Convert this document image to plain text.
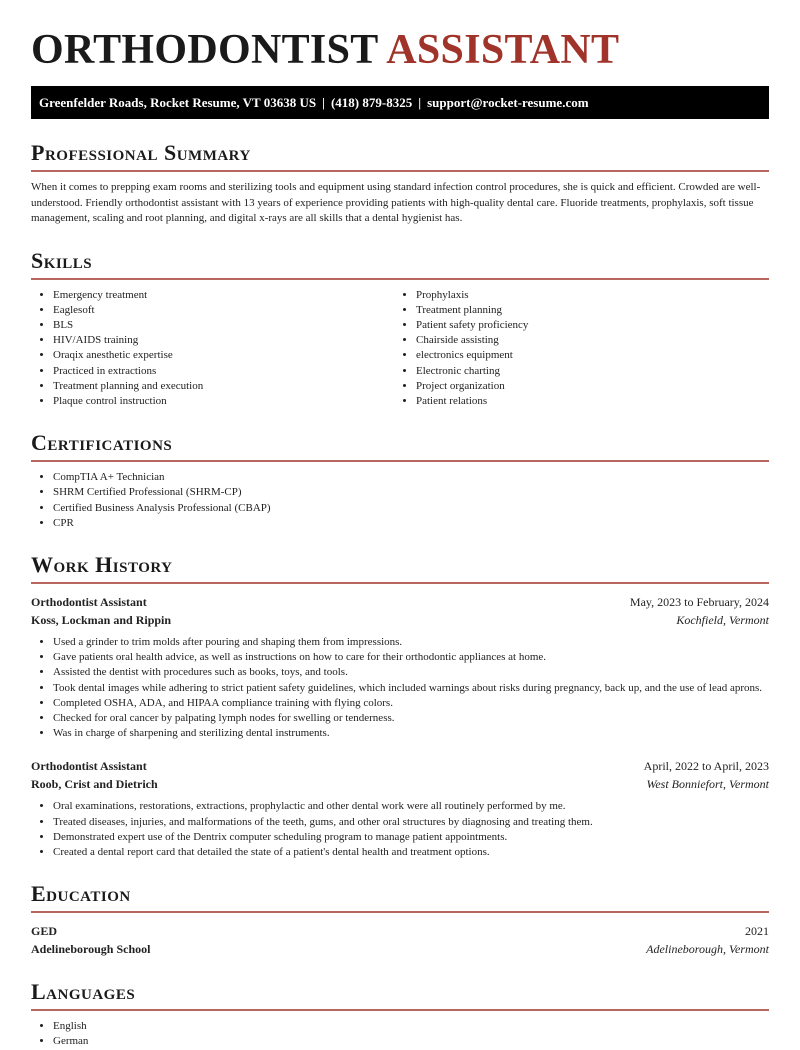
ORTHODONTIST ASSISTANT
Greenfelder Roads, Rocket Resume, VT 03638 US | (418) 879-8325 | support@rocket-resume.com
Professional Summary

When it comes to prepping exam rooms and sterilizing tools and equipment using standard infection control procedures, she is quick and efficient. Crowded are well-understood. Friendly orthodontist assistant with 13 years of experience providing patients with high-quality dental care. Fluoride treatments, prophylaxis, soft tissue management, scaling and root planning, and digital x-rays are all skills that a dental hygienist has.

Skills
• Emergency treatment
• Eaglesoft
• BLS
• HIV/AIDS training
• Oraqix anesthetic expertise
• Practiced in extractions
• Treatment planning and execution
• Plaque control instruction
• Prophylaxis
• Treatment planning
• Patient safety proficiency
• Chairside assisting
• electronics equipment
• Electronic charting
• Project organization
• Patient relations
Certifications
• CompTIA A+ Technician
• SHRM Certified Professional (SHRM-CP)
• Certified Business Analysis Professional (CBAP)
• CPR
Work History
Orthodontist Assistant	May, 2023 to February, 2024
Koss, Lockman and Rippin	Kochfield, Vermont
• Used a grinder to trim molds after pouring and shaping them from impressions.
• Gave patients oral health advice, as well as instructions on how to care for their orthodontic appliances at home.
• Assisted the dentist with procedures such as books, toys, and tools.
• Took dental images while adhering to strict patient safety guidelines, which included warnings about risks during pregnancy, back up, and the use of lead aprons.
• Completed OSHA, ADA, and HIPAA compliance training with flying colors.
• Checked for oral cancer by palpating lymph nodes for swelling or tenderness.
• Was in charge of sharpening and sterilizing dental instruments.
Orthodontist Assistant	April, 2022 to April, 2023
Roob, Crist and Dietrich	West Bonniefort, Vermont
• Oral examinations, restorations, extractions, prophylactic and other dental work were all routinely performed by me.
• Treated diseases, injuries, and malformations of the teeth, gums, and other oral structures by diagnosing and treating them.
• Demonstrated expert use of the Dentrix computer scheduling program to manage patient appointments.
• Created a dental report card that detailed the state of a patient's dental health and treatment options.
Education
GED	2021
Adelineborough School	Adelineborough, Vermont
Languages
• English
• German
